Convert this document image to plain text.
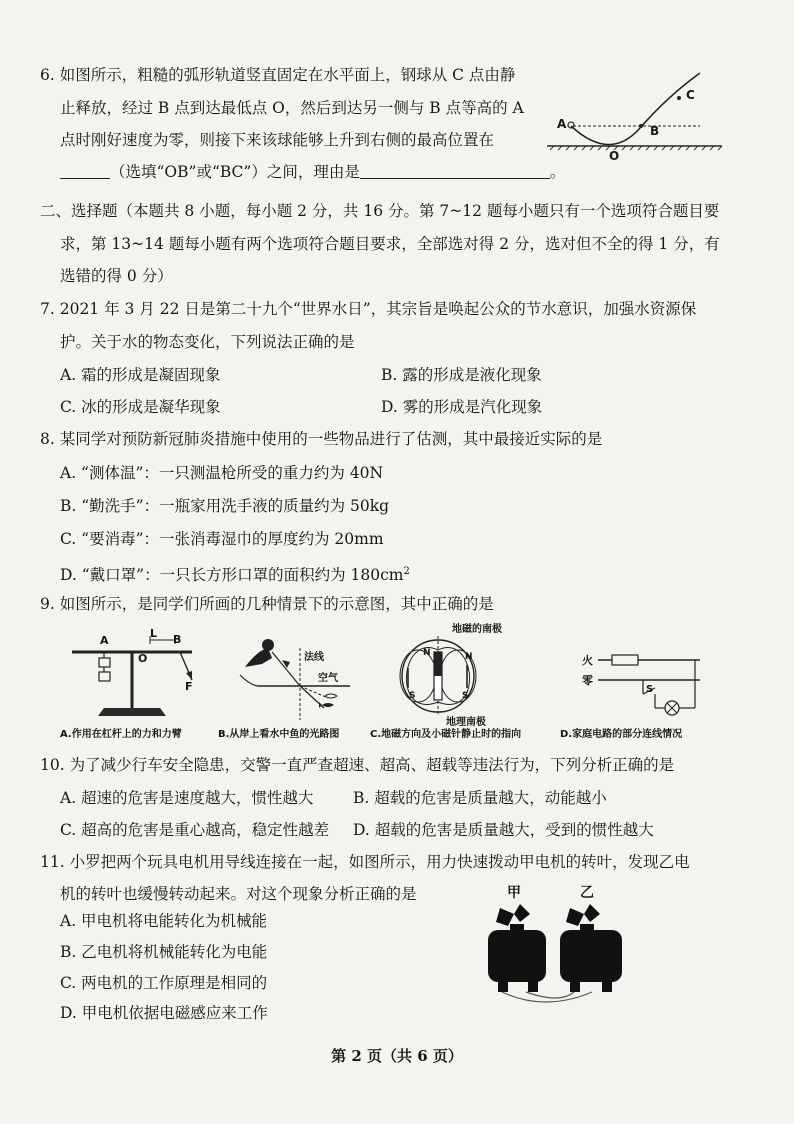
6. 如图所示，粗糙的弧形轨道竖直固定在水平面上，钢球从 C 点由静
止释放，经过 B 点到达最低点 O，然后到达另一侧与 B 点等高的 A
点时刚好速度为零，则接下来该球能够上升到右侧的最高位置在
（选填“OB”或“BC”）之间，理由是	。
A	B
C
O
二、选择题（本题共 8 小题，每小题 2 分，共 16 分。第 7~12 题每小题只有一个选项符合题目要
求，第 13~14 题每小题有两个选项符合题目要求，全部选对得 2 分，选对但不全的得 1 分，有
选错的得 0 分）
7. 2021 年 3 月 22 日是第二十九个“世界水日”，其宗旨是唤起公众的节水意识，加强水资源保
护。关于水的物态变化，下列说法正确的是
A. 霜的形成是凝固现象	B. 露的形成是液化现象
C. 冰的形成是凝华现象	D. 雾的形成是汽化现象
8. 某同学对预防新冠肺炎措施中使用的一些物品进行了估测，其中最接近实际的是
A. “测体温”：一只测温枪所受的重力约为 40N
B. “勤洗手”：一瓶家用洗手液的质量约为 50kg
C. “要消毒”：一张消毒湿巾的厚度约为 20mm
D. “戴口罩”：一只长方形口罩的面积约为 $180cm^2$
9. 如图所示，是同学们所画的几种情景下的示意图，其中正确的是
A
L B
O
F
A.作用在杠杆上的力和力臂
法线
空气
B.从岸上看水中鱼的光路图
地磁的南极
地理南极
N
S
N
S
C.地磁方向及小磁针静止时的指向
火
零
S
D.家庭电路的部分连线情况
10. 为了减少行车安全隐患，交警一直严查超速、超高、超载等违法行为，下列分析正确的是
A. 超速的危害是速度越大，惯性越大	B. 超载的危害是质量越大，动能越小
C. 超高的危害是重心越高，稳定性越差 D. 超载的危害是质量越大，受到的惯性越大
11. 小罗把两个玩具电机用导线连接在一起，如图所示，用力快速拨动甲电机的转叶，发现乙电
机的转叶也缓慢转动起来。对这个现象分析正确的是
A. 甲电机将电能转化为机械能
B. 乙电机将机械能转化为电能
C. 两电机的工作原理是相同的
D. 甲电机依据电磁感应来工作
甲	乙
第 2 页（共 6 页）
